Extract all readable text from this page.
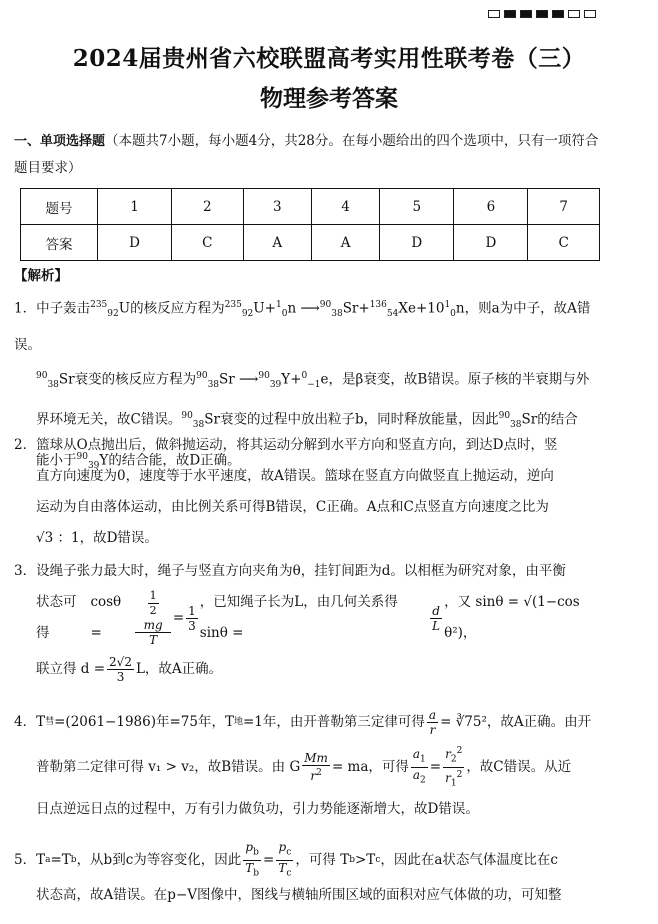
2024届贵州省六校联盟高考实用性联考卷（三）
物理参考答案
一、单项选择题（本题共7小题，每小题4分，共28分。在每小题给出的四个选项中，只有一项符合题目要求）
题号	1	2	3	4	5	6	7
答案	D	C	A	A	D	D	C
【解析】
1．中子轰击$^{235}_{92}$U的核反应方程为$^{235}_{92}$U+$^1_0$n $⟶^{90}_{38}Sr+^{136}_{54}Xe+10^1_0n$，则a为中子，故A错误。
$^{90}_{38}$Sr衰变的核反应方程为$^{90}_{38}$Sr ⟶$^{90}_{39}$Y+$^0_{-1}$e，是β衰变，故B错误。原子核的半衰期与外
界环境无关，故C错误。$^{90}_{38}$Sr衰变的过程中放出粒子b，同时释放能量，因此$^{90}_{38}$Sr的结合
能小于$^{90}_{39}$Y的结合能，故D正确。
2．篮球从O点抛出后，做斜抛运动，将其运动分解到水平方向和竖直方向，到达D点时，竖
直方向速度为0，速度等于水平速度，故A错误。篮球在竖直方向做竖直上抛运动，逆向
运动为自由落体运动，由比例关系可得B错误，C正确。A点和C点竖直方向速度之比为
√3 ：1，故D错误。
3．设绳子张力最大时，绳子与竖直方向夹角为θ，挂钉间距为d。以相框为研究对象，由平衡
状态可得

cosθ =	$\frac{1}{2}$
mg
$T = \frac{1}{3}$
，已知绳子长为L，由几何关系得 sinθ =
$\frac{d}{L}$
，又 sinθ = √(1−cos θ²)，
联立得 $d = \frac{2√2}{3}$ L，故A正确。
4．T 彗 =(2061−1986)年=75年，T 地 =1年，由开普勒第三定律可得 $\frac{a}{r}$ = ∛75²，故A正确。由开
普勒第二定律可得 v₁ > v₂，故B错误。由 G $\frac{Mm}{r^2}$ = ma，可得 $\frac{a_1}{a_2} = \frac{r_2^2}{r_1^2}$ ，故C错误。从近
日点逆远日点的过程中，万有引力做负功，引力势能逐渐增大，故D错误。
5．T a =T b ，从b到c为等容变化，因此 $\frac{p_b}{T_b} = \frac{p_c}{T_c}$ ，可得 T b >T c ，因此在a状态气体温度比在c
状态高，故A错误。在p−V图像中，图线与横轴所围区域的面积对应气体做的功，可知整
